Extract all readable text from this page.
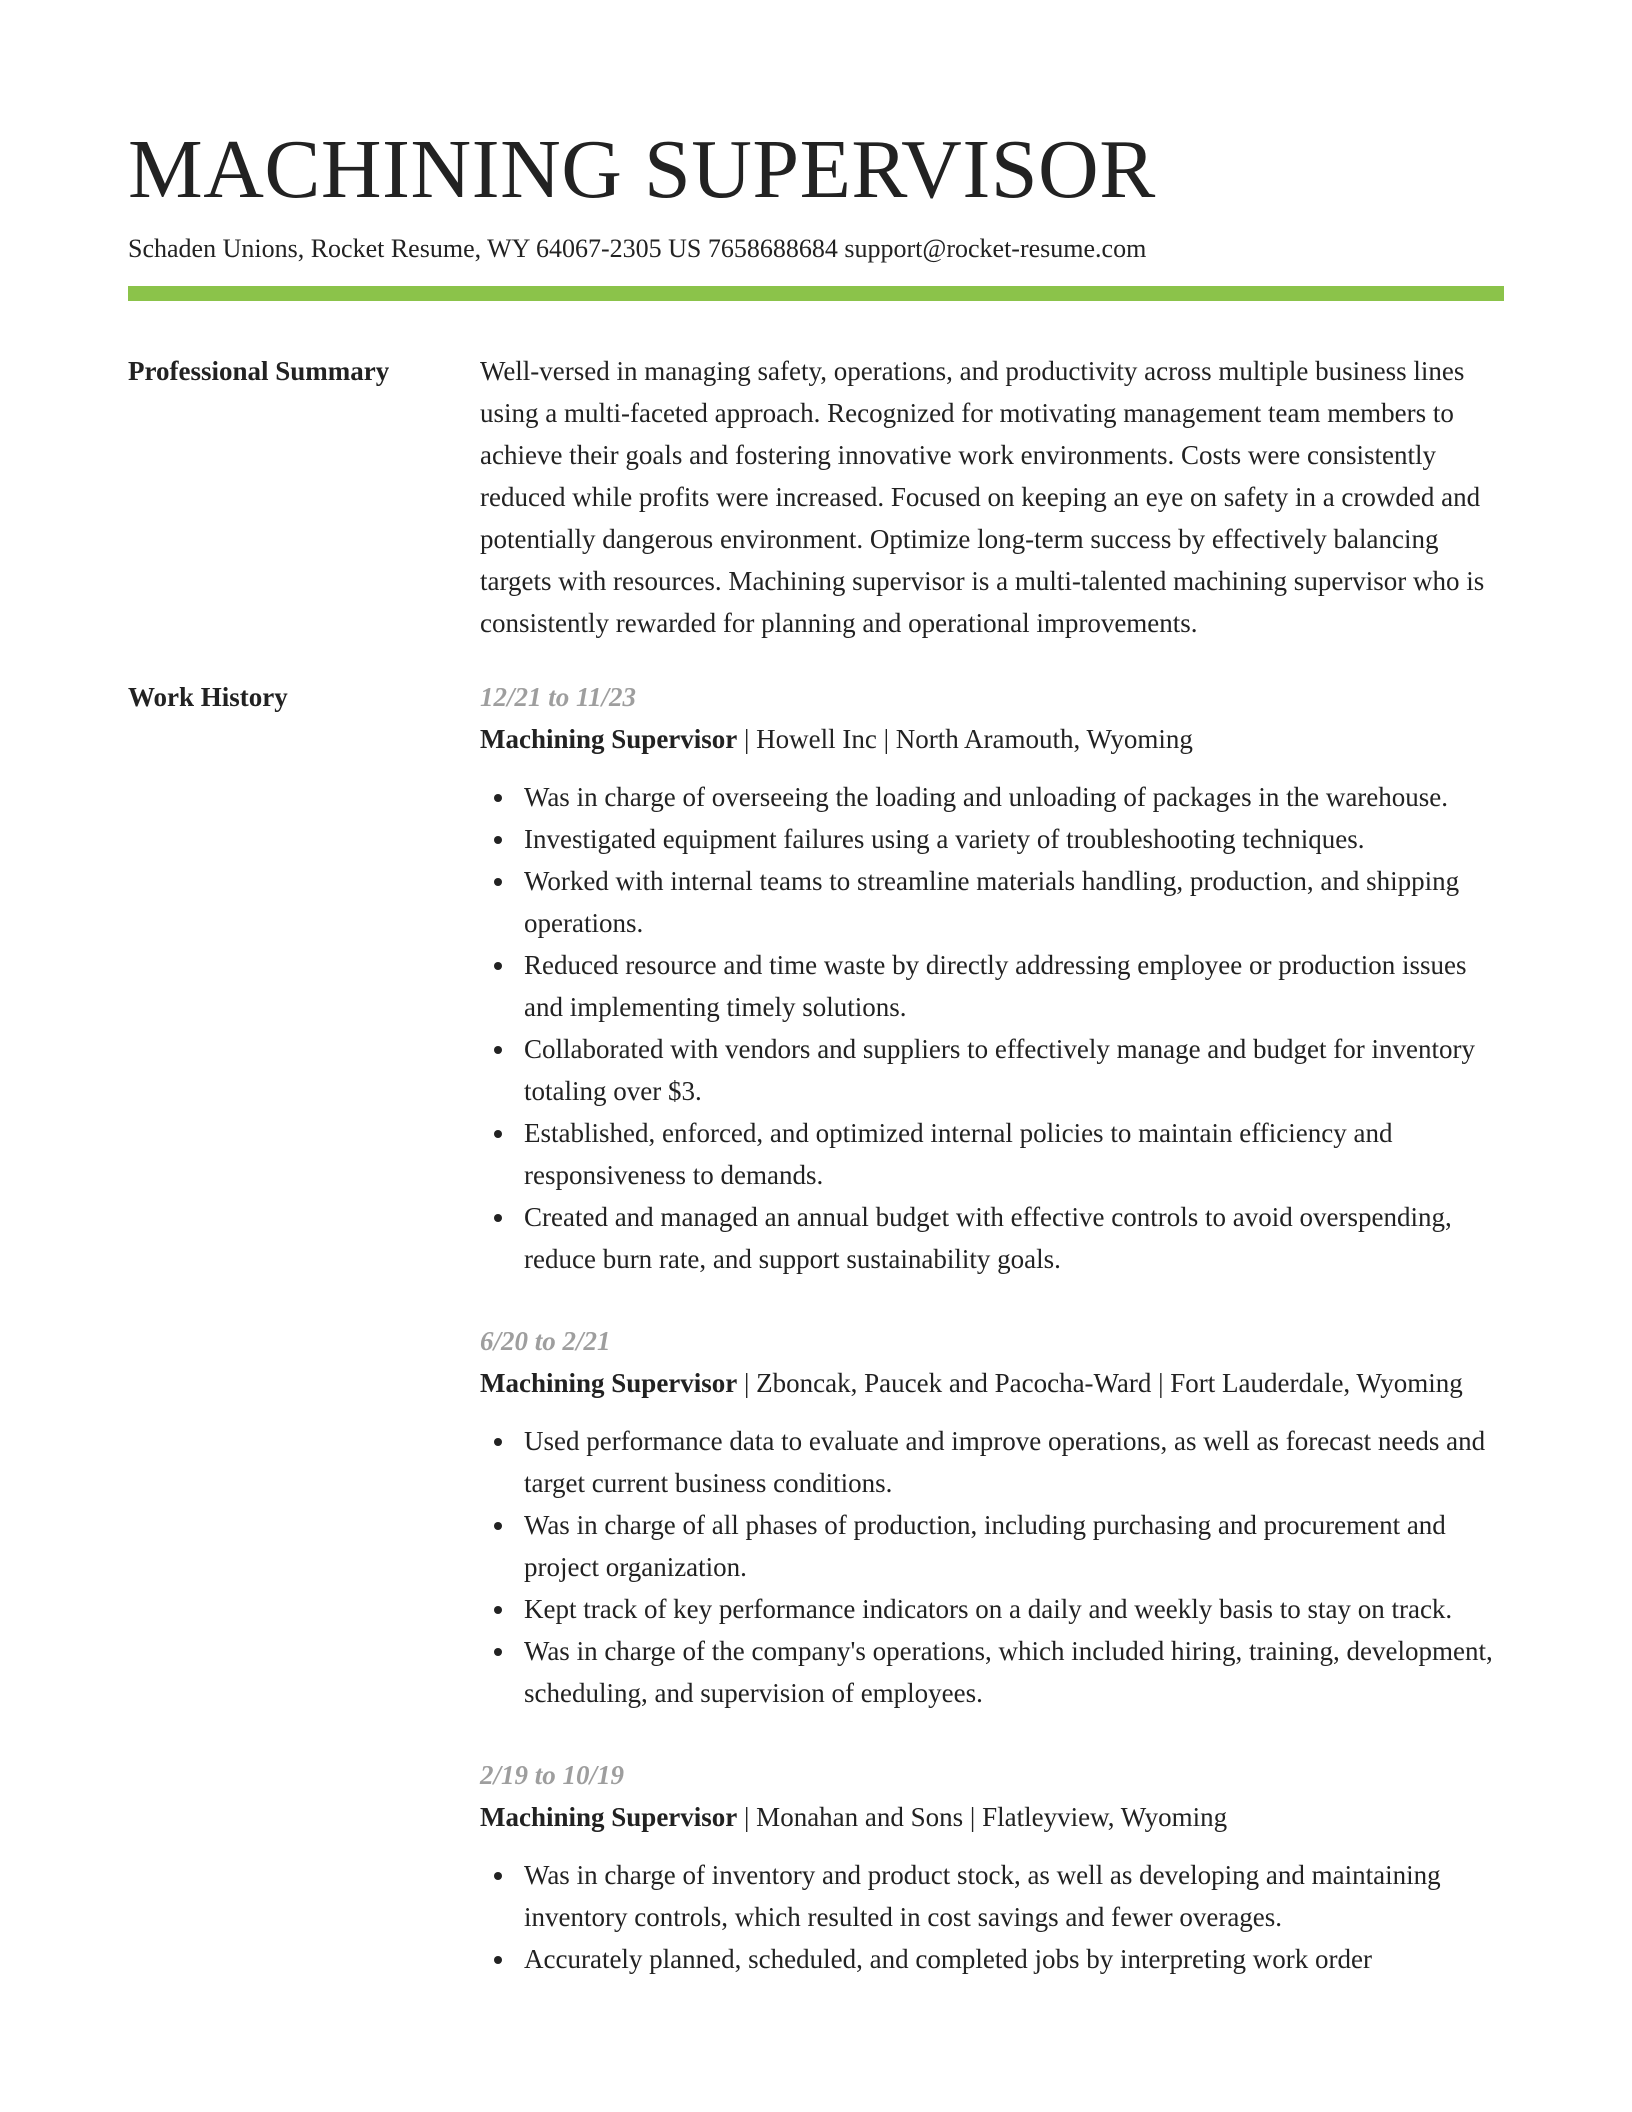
MACHINING SUPERVISOR
Schaden Unions, Rocket Resume, WY 64067-2305 US 7658688684 support@rocket-resume.com
Professional Summary	Well-versed in managing safety, operations, and productivity across multiple business lines using a multi-faceted approach. Recognized for motivating management team members to achieve their goals and fostering innovative work environments. Costs were consistently reduced while profits were increased. Focused on keeping an eye on safety in a crowded and potentially dangerous environment. Optimize long-term success by effectively balancing targets with resources. Machining supervisor is a multi-talented machining supervisor who is consistently rewarded for planning and operational improvements.
Work History	12/21 to 11/23
Machining Supervisor | Howell Inc | North Aramouth, Wyoming
Was in charge of overseeing the loading and unloading of packages in the warehouse.
Investigated equipment failures using a variety of troubleshooting techniques.
Worked with internal teams to streamline materials handling, production, and shipping operations.
Reduced resource and time waste by directly addressing employee or production issues and implementing timely solutions.
Collaborated with vendors and suppliers to effectively manage and budget for inventory totaling over $3.
Established, enforced, and optimized internal policies to maintain efficiency and responsiveness to demands.
Created and managed an annual budget with effective controls to avoid overspending, reduce burn rate, and support sustainability goals.
6/20 to 2/21
Machining Supervisor | Zboncak, Paucek and Pacocha-Ward | Fort Lauderdale, Wyoming
Used performance data to evaluate and improve operations, as well as forecast needs and target current business conditions.
Was in charge of all phases of production, including purchasing and procurement and project organization.
Kept track of key performance indicators on a daily and weekly basis to stay on track.
Was in charge of the company's operations, which included hiring, training, development, scheduling, and supervision of employees.
2/19 to 10/19
Machining Supervisor | Monahan and Sons | Flatleyview, Wyoming
Was in charge of inventory and product stock, as well as developing and maintaining inventory controls, which resulted in cost savings and fewer overages.
Accurately planned, scheduled, and completed jobs by interpreting work order
